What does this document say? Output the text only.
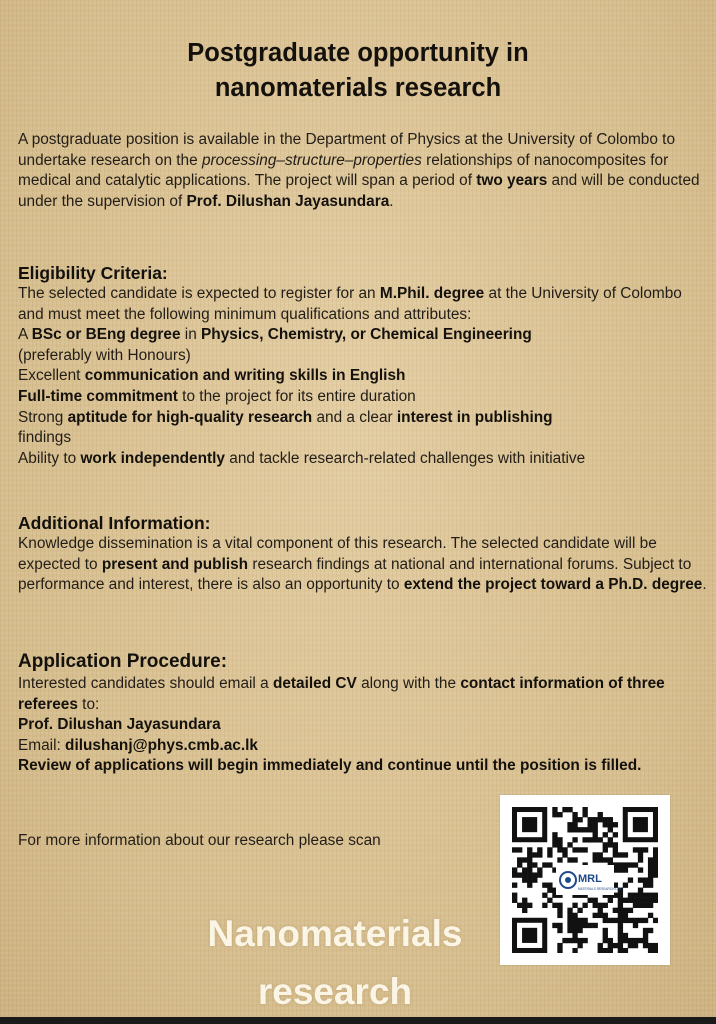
Postgraduate opportunity in
nanomaterials research

A postgraduate position is available in the Department of Physics at the University of Colombo to undertake research on the processing–structure–properties relationships of nanocomposites for medical and catalytic applications. The project will span a period of two years and will be conducted under the supervision of Prof. Dilushan Jayasundara.

Eligibility Criteria:

The selected candidate is expected to register for an M.Phil. degree at the University of Colombo and must meet the following minimum qualifications and attributes:

A BSc or BEng degree in Physics, Chemistry, or Chemical Engineering

(preferably with Honours)

Excellent communication and writing skills in English

Full-time commitment to the project for its entire duration

Strong aptitude for high-quality research and a clear interest in publishing

findings

Ability to work independently and tackle research-related challenges with initiative

Additional Information:

Knowledge dissemination is a vital component of this research. The selected candidate will be expected to present and publish research findings at national and international forums. Subject to performance and interest, there is also an opportunity to extend the project toward a Ph.D. degree.

Application Procedure:

Interested candidates should email a detailed CV along with the contact information of three referees to:

Prof. Dilushan Jayasundara

Email: dilushanj@phys.cmb.ac.lk

Review of applications will begin immediately and continue until the position is filled.

For more information about our research please scan

MRL
MATERIALS RESEARCH LAB
Nanomaterials
research
